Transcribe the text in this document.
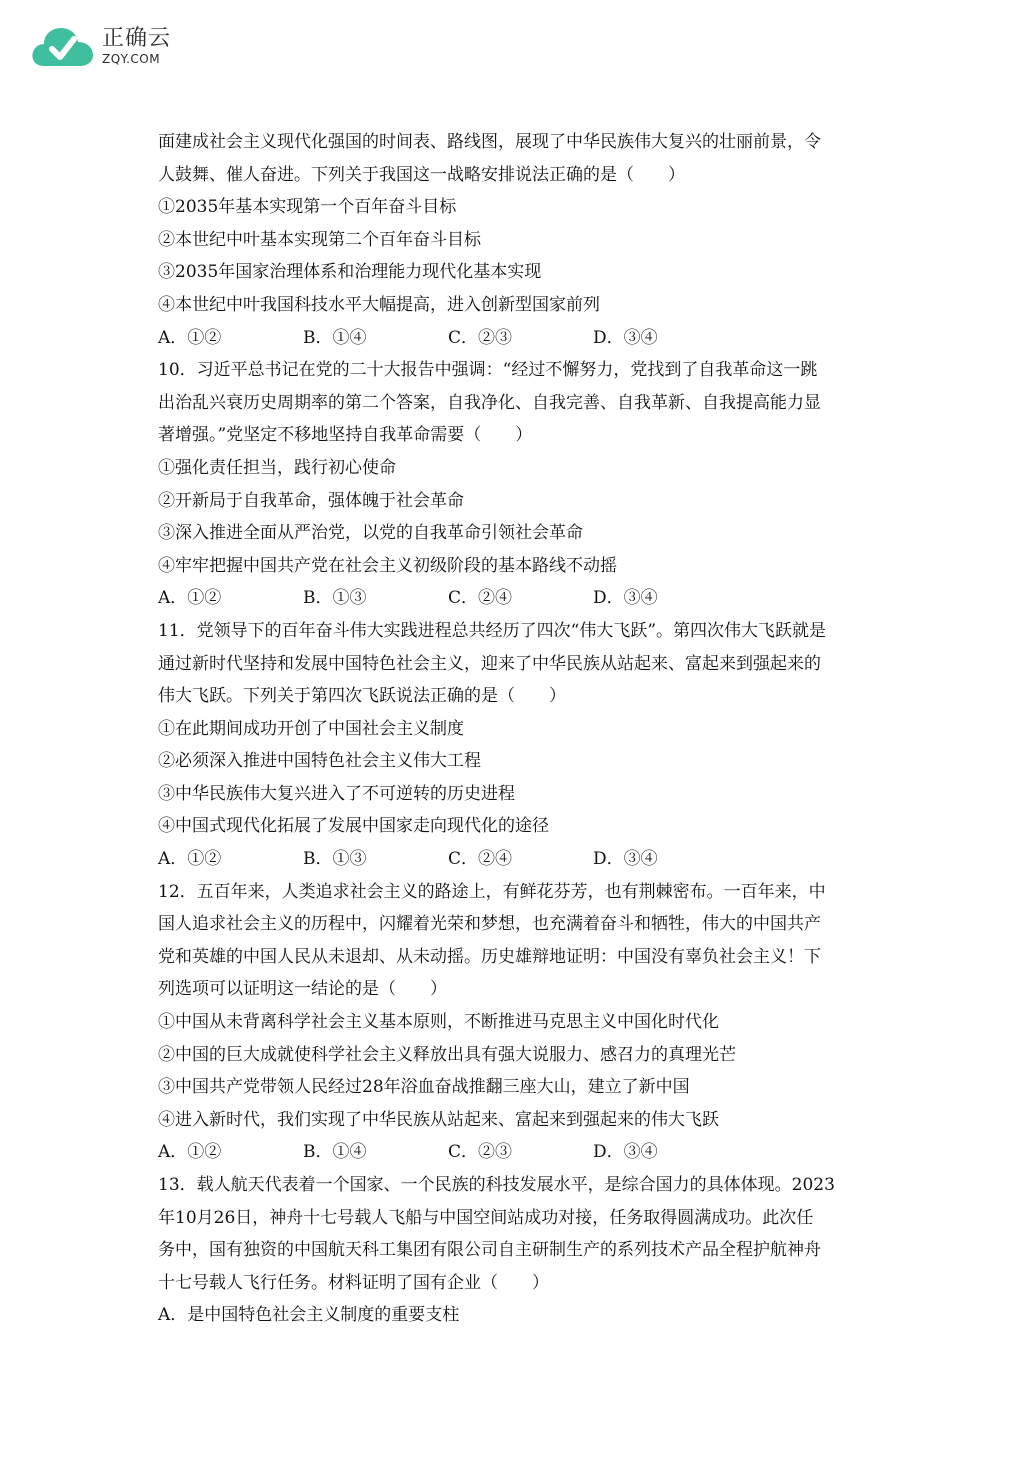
正确云
ZQY.COM
面建成社会主义现代化强国的时间表、路线图，展现了中华民族伟大复兴的壮丽前景，令
人鼓舞、催人奋进。下列关于我国这一战略安排说法正确的是（　　）
①2035年基本实现第一个百年奋斗目标
②本世纪中叶基本实现第二个百年奋斗目标
③2035年国家治理体系和治理能力现代化基本实现
④本世纪中叶我国科技水平大幅提高，进入创新型国家前列
A．①②	B．①④	C．②③	D．③④
10．习近平总书记在党的二十大报告中强调：“经过不懈努力，党找到了自我革命这一跳
出治乱兴衰历史周期率的第二个答案，自我净化、自我完善、自我革新、自我提高能力显
著增强。”党坚定不移地坚持自我革命需要（　　）
①强化责任担当，践行初心使命
②开新局于自我革命，强体魄于社会革命
③深入推进全面从严治党，以党的自我革命引领社会革命
④牢牢把握中国共产党在社会主义初级阶段的基本路线不动摇
A．①②	B．①③	C．②④	D．③④
11．党领导下的百年奋斗伟大实践进程总共经历了四次“伟大飞跃”。第四次伟大飞跃就是
通过新时代坚持和发展中国特色社会主义，迎来了中华民族从站起来、富起来到强起来的
伟大飞跃。下列关于第四次飞跃说法正确的是（　　）
①在此期间成功开创了中国社会主义制度
②必须深入推进中国特色社会主义伟大工程
③中华民族伟大复兴进入了不可逆转的历史进程
④中国式现代化拓展了发展中国家走向现代化的途径
A．①②	B．①③	C．②④	D．③④
12．五百年来，人类追求社会主义的路途上，有鲜花芬芳，也有荆棘密布。一百年来，中
国人追求社会主义的历程中，闪耀着光荣和梦想，也充满着奋斗和牺牲，伟大的中国共产
党和英雄的中国人民从未退却、从未动摇。历史雄辩地证明：中国没有辜负社会主义！下
列选项可以证明这一结论的是（　　）
①中国从未背离科学社会主义基本原则，不断推进马克思主义中国化时代化
②中国的巨大成就使科学社会主义释放出具有强大说服力、感召力的真理光芒
③中国共产党带领人民经过28年浴血奋战推翻三座大山，建立了新中国
④进入新时代，我们实现了中华民族从站起来、富起来到强起来的伟大飞跃
A．①②	B．①④	C．②③	D．③④
13．载人航天代表着一个国家、一个民族的科技发展水平，是综合国力的具体体现。2023
年10月26日，神舟十七号载人飞船与中国空间站成功对接，任务取得圆满成功。此次任
务中，国有独资的中国航天科工集团有限公司自主研制生产的系列技术产品全程护航神舟
十七号载人飞行任务。材料证明了国有企业（　　）
A．是中国特色社会主义制度的重要支柱
